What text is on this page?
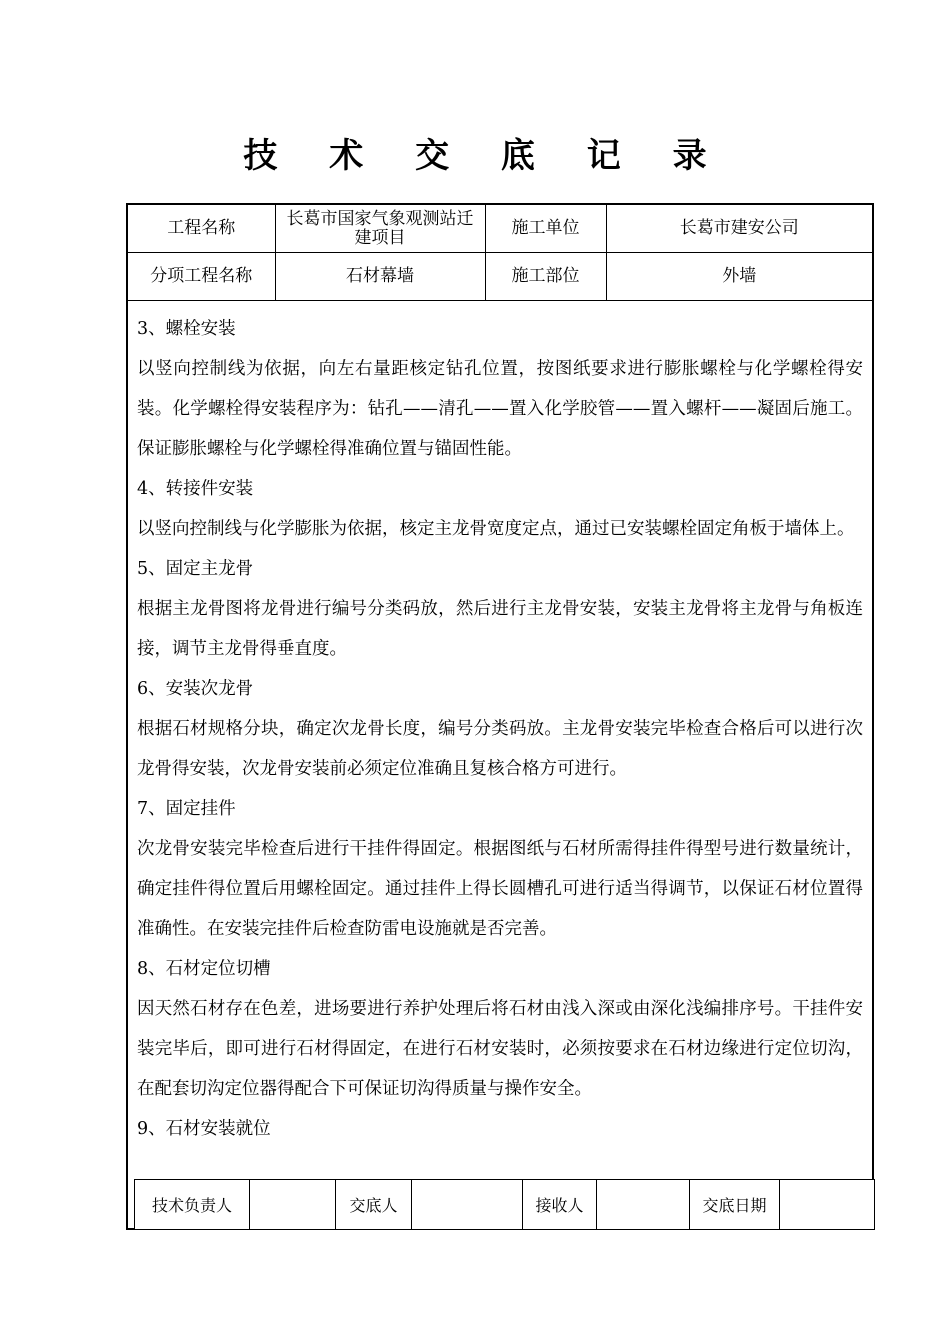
技 术 交 底 记 录
工程名称	长葛市国家气象观测站迁建项目	施工单位	长葛市建安公司
分项工程名称	石材幕墙	施工部位	外墙

3、螺栓安装

以竖向控制线为依据，向左右量距核定钻孔位置，按图纸要求进行膨胀螺栓与化学螺栓得安装。化学螺栓得安装程序为：钻孔——清孔——置入化学胶管——置入螺杆——凝固后施工。保证膨胀螺栓与化学螺栓得准确位置与锚固性能。

4、转接件安装

以竖向控制线与化学膨胀为依据，核定主龙骨宽度定点，通过已安装螺栓固定角板于墙体上。

5、固定主龙骨

根据主龙骨图将龙骨进行编号分类码放，然后进行主龙骨安装，安装主龙骨将主龙骨与角板连接，调节主龙骨得垂直度。

6、安装次龙骨

根据石材规格分块，确定次龙骨长度，编号分类码放。主龙骨安装完毕检查合格后可以进行次龙骨得安装，次龙骨安装前必须定位准确且复核合格方可进行。

7、固定挂件

次龙骨安装完毕检查后进行干挂件得固定。根据图纸与石材所需得挂件得型号进行数量统计，确定挂件得位置后用螺栓固定。通过挂件上得长圆槽孔可进行适当得调节，以保证石材位置得准确性。在安装完挂件后检查防雷电设施就是否完善。

8、石材定位切槽

因天然石材存在色差，进场要进行养护处理后将石材由浅入深或由深化浅编排序号。干挂件安装完毕后，即可进行石材得固定，在进行石材安装时，必须按要求在石材边缘进行定位切沟，在配套切沟定位器得配合下可保证切沟得质量与操作安全。

9、石材安装就位

技术负责人		交底人		接收人		交底日期	
